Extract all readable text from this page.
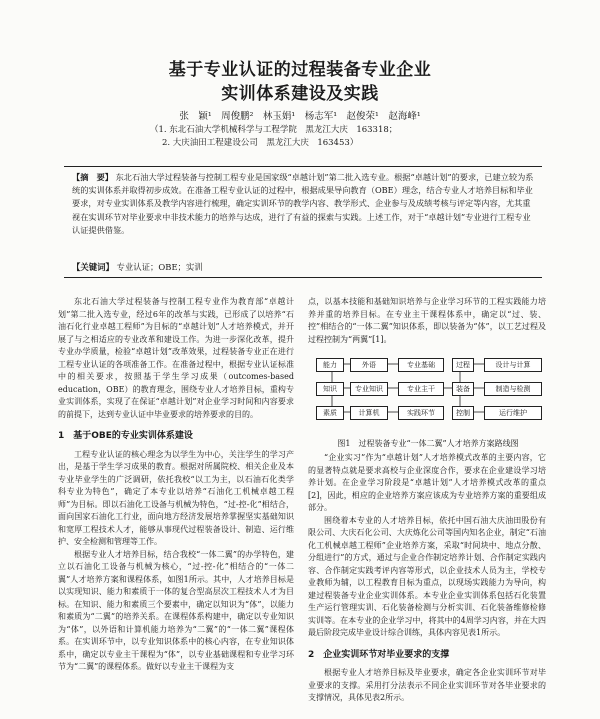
基于专业认证的过程装备专业企业
实训体系建设及实践
张　颖¹　周俊鹏²　林玉娟¹　杨志军¹　赵俊荣¹　赵海峰¹
（1. 东北石油大学机械科学与工程学院　黑龙江大庆　163318；
2. 大庆油田工程建设公司　黑龙江大庆　163453）
【摘　要】 东北石油大学过程装备与控制工程专业是国家级“卓越计划”第二批入选专业。根据“卓越计划”的要求，已建立较为系统的实训体系并取得初步成效。在准备工程专业认证的过程中，根据成果导向教育（OBE）理念，结合专业人才培养目标和毕业要求，对专业实训体系及教学内容进行梳理，确定实训环节的教学内容、教学形式、企业参与及成绩考核与评定等内容，尤其重视在实训环节对毕业要求中非技术能力的培养与达成，进行了有益的探索与实践。上述工作，对于“卓越计划”专业进行工程专业认证提供借鉴。
【关键词】 专业认证；OBE；实训

东北石油大学过程装备与控制工程专业作为教育部“卓越计划”第二批入选专业，经过6年的改革与实践，已形成了以培养“石油石化行业卓越工程师”为目标的“卓越计划”人才培养模式，并开展了与之相适应的专业改革和建设工作。为进一步深化改革，提升专业办学质量，检验“卓越计划”改革效果，过程装备专业正在进行工程专业认证的各项准备工作。在准备过程中，根据专业认证标准中的相关要求，按照基于学生学习成果（outcomes-based education，OBE）的教育理念，围绕专业人才培养目标，重构专业实训体系，实现了在保证“卓越计划”对企业学习时间和内容要求的前提下，达到专业认证中毕业要求的培养要求的目的。

1　基于OBE的专业实训体系建设

工程专业认证的核心理念为以学生为中心，关注学生的学习产出，是基于学生学习成果的教育。根据对所属院校、相关企业及本专业毕业学生的广泛调研，依托我校“以工为主，以石油石化类学科专业为特色”，确定了本专业以培养“石油化工机械卓越工程师”为目标。即以石油化工设备与机械为特色，“过-控-化”相结合，面向国家石油化工行业，面向地方经济发展培养掌握坚实基础知识和宽厚工程技术人才，能够从事现代过程装备设计、制造、运行维护、安全检测和管理等工作。

根据专业人才培养目标，结合我校“一体二翼”的办学特色，建立以石油化工设备与机械为核心，“过-控-化”相结合的“一体二翼”人才培养方案和课程体系，如图1所示。其中，人才培养目标是以实现知识、能力和素质于一体的复合型高层次工程技术人才为目标。在知识、能力和素质三个要素中，确定以知识为“体”，以能力和素质为“二翼”的培养关系。在课程体系构建中，确定以专业知识为“体”，以外语和计算机能力培养为“二翼”的“一体二翼”课程体系。在实训环节中，以专业知识体系中的核心内容，在专业知识体系中，确定以专业主干课程为“体”，以专业基础课程和专业学习环节为“二翼”的课程体系。做好以专业主干课程为支

点，以基本技能和基础知识培养与企业学习环节的工程实践能力培养并重的培养目标。在专业主干课程体系中，确定以“过、装、控”相结合的“一体二翼”知识体系，即以装备为“体”，以工艺过程及过程控制为“两翼”[1]。

能力
知识
素质
外语
专业知识
计算机
专业基础
专业主干
实践环节
过程
装备
控制
设计与计算
制造与检测
运行维护
图1　过程装备专业“一体二翼”人才培养方案路线图

“企业实习”作为“卓越计划”人才培养模式改革的主要内容，它的显著特点就是要求高校与企业深度合作，要求在企业建设学习培养计划。在企业学习阶段是“卓越计划”人才培养模式改革的重点[2]，因此，相应的企业培养方案应该成为专业培养方案的重要组成部分。

围绕着本专业的人才培养目标，依托中国石油大庆油田股份有限公司、大庆石化公司、大庆炼化公司等国内知名企业，制定“石油化工机械卓越工程师”企业培养方案，采取“时间块中、地点分散、分组进行”的方式，通过与企业合作制定培养计划、合作制定实践内容、合作制定实践考评内容等形式，以企业技术人员为主，学校专业教师为辅，以工程教育目标为重点，以现场实践能力为导向，构建过程装备专业企业实训体系。本专业企业实训体系包括石化装置生产运行管理实训、石化装备检测与分析实训、石化装备维修检修实训等。在本专业的企业学习中，将其中的4周学习内容，并在大四最后阶段完成毕业设计综合训练，具体内容见表1所示。

2　企业实训环节对毕业要求的支撑

根据专业人才培养目标及毕业要求，确定各企业实训环节对毕业要求的支撑。采用打分法表示不同企业实训环节对各毕业要求的支撑情况，具体见表2所示。
